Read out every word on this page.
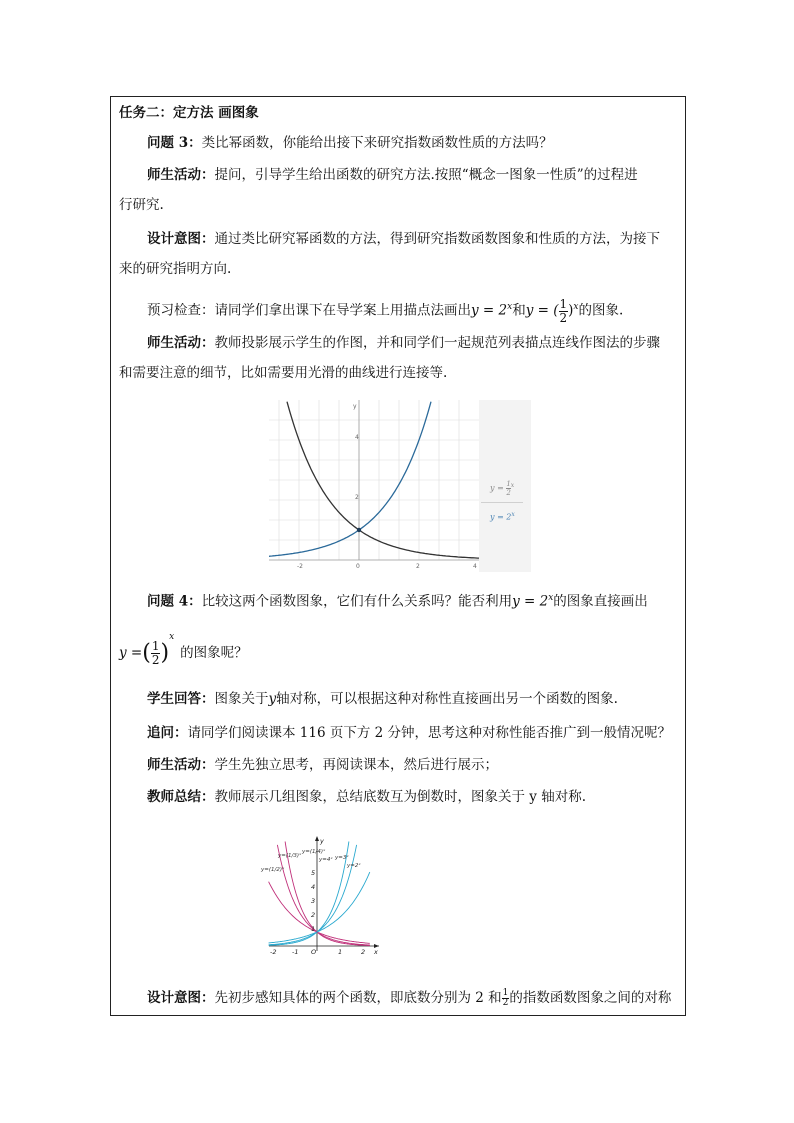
任务二：定方法 画图象
问题 3：类比幂函数，你能给出接下来研究指数函数性质的方法吗？
师生活动：提问，引导学生给出函数的研究方法.按照“概念一图象一性质”的过程进
行研究.
设计意图：通过类比研究幂函数的方法，得到研究指数函数图象和性质的方法，为接下
来的研究指明方向.
预习检查：请同学们拿出课下在导学案上用描点法画出$y = 2^x$和y = ( $\frac{1}{2} )^x$的图象.
师生活动：教师投影展示学生的作图，并和同学们一起规范列表描点连线作图法的步骤
和需要注意的细节，比如需要用光滑的曲线进行连接等.
y
4
2
-2	0	2	4
$y = \frac{1}{2} ^x$
$y = 2^x$
问题 4：比较这两个函数图象，它们有什么关系吗？能否利用$y = 2^x$的图象直接画出
y =( $\frac{1}{2} )^x$的图象呢？
学生回答：图象关于y轴对称，可以根据这种对称性直接画出另一个函数的图象.
追问：请同学们阅读课本 116 页下方 2 分钟，思考这种对称性能否推广到一般情况呢？
师生活动：学生先独立思考，再阅读课本，然后进行展示；
教师总结：教师展示几组图象，总结底数互为倒数时，图象关于 y 轴对称.
y
5
4
3
2
1
-2 -1 O	1	2 x
y=(1/3)ˣ
y=(1/4)ˣ
y=(1/2)ˣ
y=4ˣ y=3ˣ
y=2ˣ
设计意图：先初步感知具体的两个函数，即底数分别为 2 和 $\frac{1}{2}$ 的指数函数图象之间的对称
